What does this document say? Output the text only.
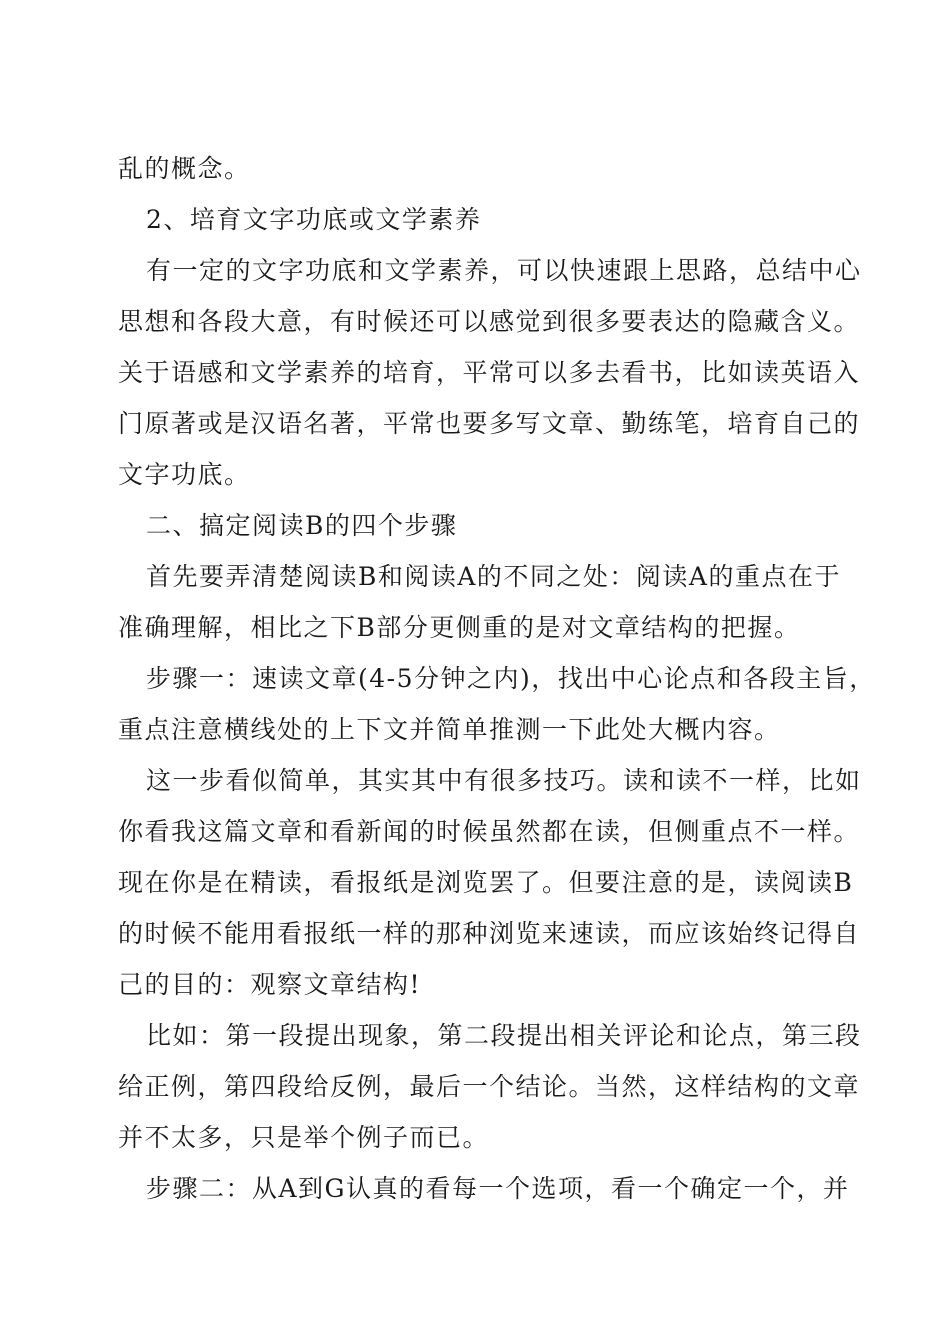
乱的概念。
2、培育文字功底或文学素养
有一定的文字功底和文学素养，可以快速跟上思路，总结中心
思想和各段大意，有时候还可以感觉到很多要表达的隐藏含义。
关于语感和文学素养的培育，平常可以多去看书，比如读英语入
门原著或是汉语名著，平常也要多写文章、勤练笔，培育自己的
文字功底。
二、搞定阅读B的四个步骤
首先要弄清楚阅读B和阅读A的不同之处：阅读A的重点在于
准确理解，相比之下B部分更侧重的是对文章结构的把握。
步骤一：速读文章(4-5分钟之内)，找出中心论点和各段主旨，
重点注意横线处的上下文并简单推测一下此处大概内容。
这一步看似简单，其实其中有很多技巧。读和读不一样，比如
你看我这篇文章和看新闻的时候虽然都在读，但侧重点不一样。
现在你是在精读，看报纸是浏览罢了。但要注意的是，读阅读B
的时候不能用看报纸一样的那种浏览来速读，而应该始终记得自
己的目的：观察文章结构!
比如：第一段提出现象，第二段提出相关评论和论点，第三段
给正例，第四段给反例，最后一个结论。当然，这样结构的文章
并不太多，只是举个例子而已。
步骤二：从A到G认真的看每一个选项，看一个确定一个，并
